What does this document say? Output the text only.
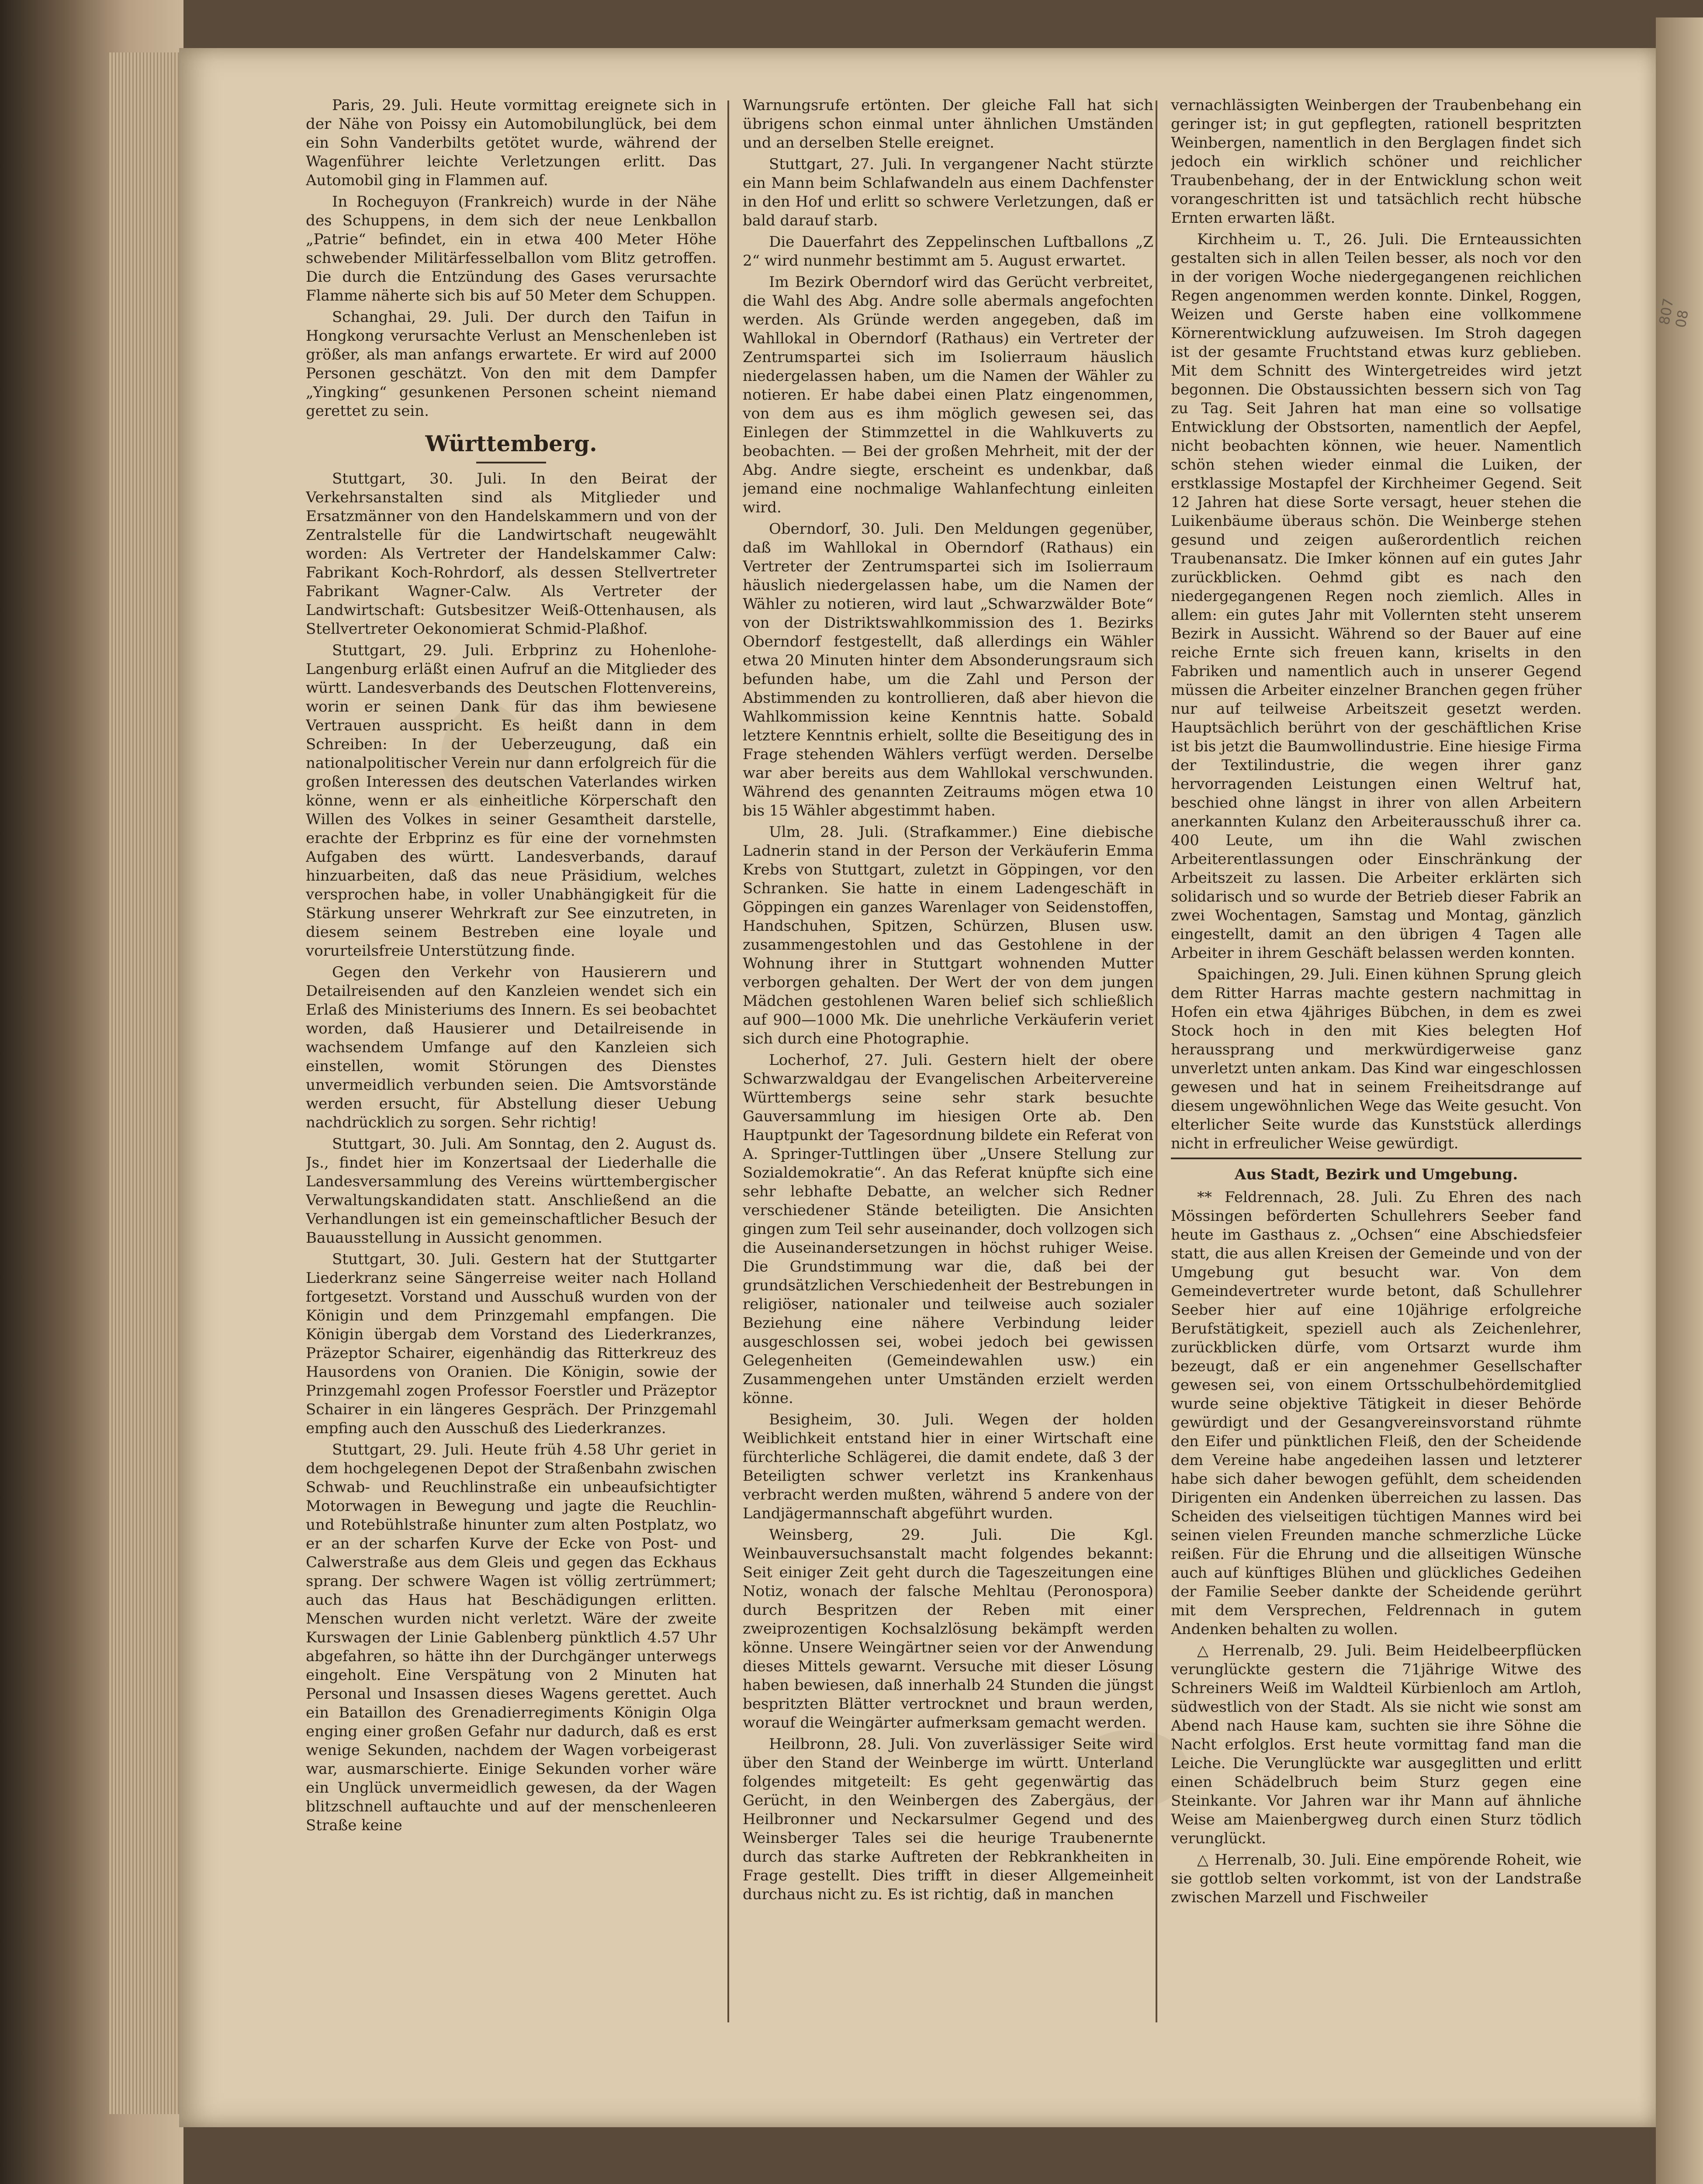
807 08

Paris, 29. Juli. Heute vormittag ereignete sich in der Nähe von Poissy ein Automobilunglück, bei dem ein Sohn Vanderbilts getötet wurde, während der Wagenführer leichte Verletzungen erlitt. Das Automobil ging in Flammen auf.

In Rocheguyon (Frankreich) wurde in der Nähe des Schuppens, in dem sich der neue Lenkballon „Patrie“ befindet, ein in etwa 400 Meter Höhe schwebender Militärfesselballon vom Blitz getroffen. Die durch die Entzündung des Gases verursachte Flamme näherte sich bis auf 50 Meter dem Schuppen.

Schanghai, 29. Juli. Der durch den Taifun in Hongkong verursachte Verlust an Menschenleben ist größer, als man anfangs erwartete. Er wird auf 2000 Personen geschätzt. Von den mit dem Dampfer „Yingking“ gesunkenen Personen scheint niemand gerettet zu sein.

Württemberg.

Stuttgart, 30. Juli. In den Beirat der Verkehrsanstalten sind als Mitglieder und Ersatzmänner von den Handelskammern und von der Zentralstelle für die Landwirtschaft neugewählt worden: Als Vertreter der Handelskammer Calw: Fabrikant Koch-Rohrdorf, als dessen Stellvertreter Fabrikant Wagner-Calw. Als Vertreter der Landwirtschaft: Gutsbesitzer Weiß-Ottenhausen, als Stellvertreter Oekonomierat Schmid-Plaßhof.

Stuttgart, 29. Juli. Erbprinz zu Hohenlohe-Langenburg erläßt einen Aufruf an die Mitglieder des württ. Landesverbands des Deutschen Flottenvereins, worin er seinen Dank für das ihm bewiesene Vertrauen ausspricht. Es heißt dann in dem Schreiben: In der Ueberzeugung, daß ein nationalpolitischer Verein nur dann erfolgreich für die großen Interessen des deutschen Vaterlandes wirken könne, wenn er als einheitliche Körperschaft den Willen des Volkes in seiner Gesamtheit darstelle, erachte der Erbprinz es für eine der vornehmsten Aufgaben des württ. Landesverbands, darauf hinzuarbeiten, daß das neue Präsidium, welches versprochen habe, in voller Unabhängigkeit für die Stärkung unserer Wehrkraft zur See einzutreten, in diesem seinem Bestreben eine loyale und vorurteilsfreie Unterstützung finde.

Gegen den Verkehr von Hausierern und Detailreisenden auf den Kanzleien wendet sich ein Erlaß des Ministeriums des Innern. Es sei beobachtet worden, daß Hausierer und Detailreisende in wachsendem Umfange auf den Kanzleien sich einstellen, womit Störungen des Dienstes unvermeidlich verbunden seien. Die Amtsvorstände werden ersucht, für Abstellung dieser Uebung nachdrücklich zu sorgen. Sehr richtig!

Stuttgart, 30. Juli. Am Sonntag, den 2. August ds. Js., findet hier im Konzertsaal der Liederhalle die Landesversammlung des Vereins württembergischer Verwaltungskandidaten statt. Anschließend an die Verhandlungen ist ein gemeinschaftlicher Besuch der Bauausstellung in Aussicht genommen.

Stuttgart, 30. Juli. Gestern hat der Stuttgarter Liederkranz seine Sängerreise weiter nach Holland fortgesetzt. Vorstand und Ausschuß wurden von der Königin und dem Prinzgemahl empfangen. Die Königin übergab dem Vorstand des Liederkranzes, Präzeptor Schairer, eigenhändig das Ritterkreuz des Hausordens von Oranien. Die Königin, sowie der Prinzgemahl zogen Professor Foerstler und Präzeptor Schairer in ein längeres Gespräch. Der Prinzgemahl empfing auch den Ausschuß des Liederkranzes.

Stuttgart, 29. Juli. Heute früh 4.58 Uhr geriet in dem hochgelegenen Depot der Straßenbahn zwischen Schwab- und Reuchlinstraße ein unbeaufsichtigter Motorwagen in Bewegung und jagte die Reuchlin- und Rotebühlstraße hinunter zum alten Postplatz, wo er an der scharfen Kurve der Ecke von Post- und Calwerstraße aus dem Gleis und gegen das Eckhaus sprang. Der schwere Wagen ist völlig zertrümmert; auch das Haus hat Beschädigungen erlitten. Menschen wurden nicht verletzt. Wäre der zweite Kurswagen der Linie Gablenberg pünktlich 4.57 Uhr abgefahren, so hätte ihn der Durchgänger unterwegs eingeholt. Eine Verspätung von 2 Minuten hat Personal und Insassen dieses Wagens gerettet. Auch ein Bataillon des Grenadierregiments Königin Olga enging einer großen Gefahr nur dadurch, daß es erst wenige Sekunden, nachdem der Wagen vorbeigerast war, ausmarschierte. Einige Sekunden vorher wäre ein Unglück unvermeidlich gewesen, da der Wagen blitzschnell auftauchte und auf der menschenleeren Straße keine

Warnungsrufe ertönten. Der gleiche Fall hat sich übrigens schon einmal unter ähnlichen Umständen und an derselben Stelle ereignet.

Stuttgart, 27. Juli. In vergangener Nacht stürzte ein Mann beim Schlafwandeln aus einem Dachfenster in den Hof und erlitt so schwere Verletzungen, daß er bald darauf starb.

Die Dauerfahrt des Zeppelinschen Luftballons „Z 2“ wird nunmehr bestimmt am 5. August erwartet.

Im Bezirk Oberndorf wird das Gerücht verbreitet, die Wahl des Abg. Andre solle abermals angefochten werden. Als Gründe werden angegeben, daß im Wahllokal in Oberndorf (Rathaus) ein Vertreter der Zentrumspartei sich im Isolierraum häuslich niedergelassen haben, um die Namen der Wähler zu notieren. Er habe dabei einen Platz eingenommen, von dem aus es ihm möglich gewesen sei, das Einlegen der Stimmzettel in die Wahlkuverts zu beobachten. — Bei der großen Mehrheit, mit der der Abg. Andre siegte, erscheint es undenkbar, daß jemand eine nochmalige Wahlanfechtung einleiten wird.

Oberndorf, 30. Juli. Den Meldungen gegenüber, daß im Wahllokal in Oberndorf (Rathaus) ein Vertreter der Zentrumspartei sich im Isolierraum häuslich niedergelassen habe, um die Namen der Wähler zu notieren, wird laut „Schwarzwälder Bote“ von der Distriktswahlkommission des 1. Bezirks Oberndorf festgestellt, daß allerdings ein Wähler etwa 20 Minuten hinter dem Absonderungsraum sich befunden habe, um die Zahl und Person der Abstimmenden zu kontrollieren, daß aber hievon die Wahlkommission keine Kenntnis hatte. Sobald letztere Kenntnis erhielt, sollte die Beseitigung des in Frage stehenden Wählers verfügt werden. Derselbe war aber bereits aus dem Wahllokal verschwunden. Während des genannten Zeitraums mögen etwa 10 bis 15 Wähler abgestimmt haben.

Ulm, 28. Juli. (Strafkammer.) Eine diebische Ladnerin stand in der Person der Verkäuferin Emma Krebs von Stuttgart, zuletzt in Göppingen, vor den Schranken. Sie hatte in einem Ladengeschäft in Göppingen ein ganzes Warenlager von Seidenstoffen, Handschuhen, Spitzen, Schürzen, Blusen usw. zusammengestohlen und das Gestohlene in der Wohnung ihrer in Stuttgart wohnenden Mutter verborgen gehalten. Der Wert der von dem jungen Mädchen gestohlenen Waren belief sich schließlich auf 900—1000 Mk. Die unehrliche Verkäuferin veriet sich durch eine Photographie.

Locherhof, 27. Juli. Gestern hielt der obere Schwarzwaldgau der Evangelischen Arbeitervereine Württembergs seine sehr stark besuchte Gauversammlung im hiesigen Orte ab. Den Hauptpunkt der Tagesordnung bildete ein Referat von A. Springer-Tuttlingen über „Unsere Stellung zur Sozialdemokratie“. An das Referat knüpfte sich eine sehr lebhafte Debatte, an welcher sich Redner verschiedener Stände beteiligten. Die Ansichten gingen zum Teil sehr auseinander, doch vollzogen sich die Auseinandersetzungen in höchst ruhiger Weise. Die Grundstimmung war die, daß bei der grundsätzlichen Verschiedenheit der Bestrebungen in religiöser, nationaler und teilweise auch sozialer Beziehung eine nähere Verbindung leider ausgeschlossen sei, wobei jedoch bei gewissen Gelegenheiten (Gemeindewahlen usw.) ein Zusammengehen unter Umständen erzielt werden könne.

Besigheim, 30. Juli. Wegen der holden Weiblichkeit entstand hier in einer Wirtschaft eine fürchterliche Schlägerei, die damit endete, daß 3 der Beteiligten schwer verletzt ins Krankenhaus verbracht werden mußten, während 5 andere von der Landjägermannschaft abgeführt wurden.

Weinsberg, 29. Juli. Die Kgl. Weinbauversuchsanstalt macht folgendes bekannt: Seit einiger Zeit geht durch die Tageszeitungen eine Notiz, wonach der falsche Mehltau (Peronospora) durch Bespritzen der Reben mit einer zweiprozentigen Kochsalzlösung bekämpft werden könne. Unsere Weingärtner seien vor der Anwendung dieses Mittels gewarnt. Versuche mit dieser Lösung haben bewiesen, daß innerhalb 24 Stunden die jüngst bespritzten Blätter vertrocknet und braun werden, worauf die Weingärter aufmerksam gemacht werden.

Heilbronn, 28. Juli. Von zuverlässiger Seite wird über den Stand der Weinberge im württ. Unterland folgendes mitgeteilt: Es geht gegenwärtig das Gerücht, in den Weinbergen des Zabergäus, der Heilbronner und Neckarsulmer Gegend und des Weinsberger Tales sei die heurige Traubenernte durch das starke Auftreten der Rebkrankheiten in Frage gestellt. Dies trifft in dieser Allgemeinheit durchaus nicht zu. Es ist richtig, daß in manchen

vernachlässigten Weinbergen der Traubenbehang ein geringer ist; in gut gepflegten, rationell bespritzten Weinbergen, namentlich in den Berglagen findet sich jedoch ein wirklich schöner und reichlicher Traubenbehang, der in der Entwicklung schon weit vorangeschritten ist und tatsächlich recht hübsche Ernten erwarten läßt.

Kirchheim u. T., 26. Juli. Die Ernteaussichten gestalten sich in allen Teilen besser, als noch vor den in der vorigen Woche niedergegangenen reichlichen Regen angenommen werden konnte. Dinkel, Roggen, Weizen und Gerste haben eine vollkommene Körnerentwicklung aufzuweisen. Im Stroh dagegen ist der gesamte Fruchtstand etwas kurz geblieben. Mit dem Schnitt des Wintergetreides wird jetzt begonnen. Die Obstaussichten bessern sich von Tag zu Tag. Seit Jahren hat man eine so vollsatige Entwicklung der Obstsorten, namentlich der Aepfel, nicht beobachten können, wie heuer. Namentlich schön stehen wieder einmal die Luiken, der erstklassige Mostapfel der Kirchheimer Gegend. Seit 12 Jahren hat diese Sorte versagt, heuer stehen die Luikenbäume überaus schön. Die Weinberge stehen gesund und zeigen außerordentlich reichen Traubenansatz. Die Imker können auf ein gutes Jahr zurückblicken. Oehmd gibt es nach den niedergegangenen Regen noch ziemlich. Alles in allem: ein gutes Jahr mit Vollernten steht unserem Bezirk in Aussicht. Während so der Bauer auf eine reiche Ernte sich freuen kann, kriselts in den Fabriken und namentlich auch in unserer Gegend müssen die Arbeiter einzelner Branchen gegen früher nur auf teilweise Arbeitszeit gesetzt werden. Hauptsächlich berührt von der geschäftlichen Krise ist bis jetzt die Baumwollindustrie. Eine hiesige Firma der Textilindustrie, die wegen ihrer ganz hervorragenden Leistungen einen Weltruf hat, beschied ohne längst in ihrer von allen Arbeitern anerkannten Kulanz den Arbeiterausschuß ihrer ca. 400 Leute, um ihn die Wahl zwischen Arbeiterentlassungen oder Einschränkung der Arbeitszeit zu lassen. Die Arbeiter erklärten sich solidarisch und so wurde der Betrieb dieser Fabrik an zwei Wochentagen, Samstag und Montag, gänzlich eingestellt, damit an den übrigen 4 Tagen alle Arbeiter in ihrem Geschäft belassen werden konnten.

Spaichingen, 29. Juli. Einen kühnen Sprung gleich dem Ritter Harras machte gestern nachmittag in Hofen ein etwa 4jähriges Bübchen, in dem es zwei Stock hoch in den mit Kies belegten Hof heraussprang und merkwürdigerweise ganz unverletzt unten ankam. Das Kind war eingeschlossen gewesen und hat in seinem Freiheitsdrange auf diesem ungewöhnlichen Wege das Weite gesucht. Von elterlicher Seite wurde das Kunststück allerdings nicht in erfreulicher Weise gewürdigt.

Aus Stadt, Bezirk und Umgebung.

** Feldrennach, 28. Juli. Zu Ehren des nach Mössingen beförderten Schullehrers Seeber fand heute im Gasthaus z. „Ochsen“ eine Abschiedsfeier statt, die aus allen Kreisen der Gemeinde und von der Umgebung gut besucht war. Von dem Gemeindevertreter wurde betont, daß Schullehrer Seeber hier auf eine 10jährige erfolgreiche Berufstätigkeit, speziell auch als Zeichenlehrer, zurückblicken dürfe, vom Ortsarzt wurde ihm bezeugt, daß er ein angenehmer Gesellschafter gewesen sei, von einem Ortsschulbehördemitglied wurde seine objektive Tätigkeit in dieser Behörde gewürdigt und der Gesangvereinsvorstand rühmte den Eifer und pünktlichen Fleiß, den der Scheidende dem Vereine habe angedeihen lassen und letzterer habe sich daher bewogen gefühlt, dem scheidenden Dirigenten ein Andenken überreichen zu lassen. Das Scheiden des vielseitigen tüchtigen Mannes wird bei seinen vielen Freunden manche schmerzliche Lücke reißen. Für die Ehrung und die allseitigen Wünsche auch auf künftiges Blühen und glückliches Gedeihen der Familie Seeber dankte der Scheidende gerührt mit dem Versprechen, Feldrennach in gutem Andenken behalten zu wollen.

△ Herrenalb, 29. Juli. Beim Heidelbeerpflücken verunglückte gestern die 71jährige Witwe des Schreiners Weiß im Waldteil Kürbienloch am Artloh, südwestlich von der Stadt. Als sie nicht wie sonst am Abend nach Hause kam, suchten sie ihre Söhne die Nacht erfolglos. Erst heute vormittag fand man die Leiche. Die Verunglückte war ausgeglitten und erlitt einen Schädelbruch beim Sturz gegen eine Steinkante. Vor Jahren war ihr Mann auf ähnliche Weise am Maienbergweg durch einen Sturz tödlich verunglückt.

△ Herrenalb, 30. Juli. Eine empörende Roheit, wie sie gottlob selten vorkommt, ist von der Landstraße zwischen Marzell und Fischweiler
